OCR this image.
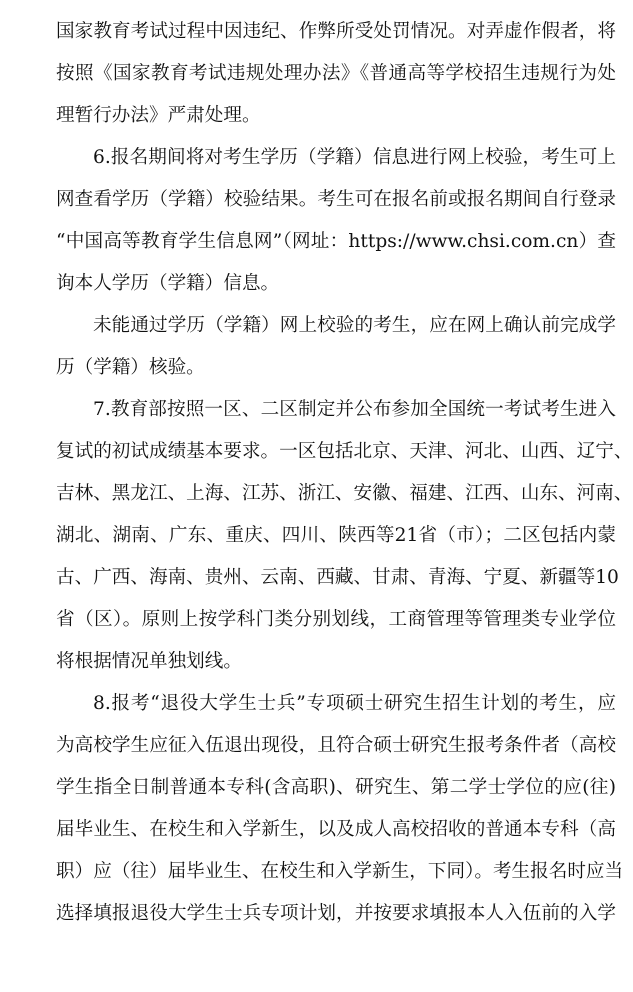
国家教育考试过程中因违纪、作弊所受处罚情况。对弄虚作假者，将
按照《国家教育考试违规处理办法》《普通高等学校招生违规行为处
理暂行办法》严肃处理。
6.报名期间将对考生学历（学籍）信息进行网上校验，考生可上
网查看学历（学籍）校验结果。考生可在报名前或报名期间自行登录
“中国高等教育学生信息网”（网址：https://www.chsi.com.cn）查
询本人学历（学籍）信息。
未能通过学历（学籍）网上校验的考生，应在网上确认前完成学
历（学籍）核验。
7.教育部按照一区、二区制定并公布参加全国统一考试考生进入
复试的初试成绩基本要求。一区包括北京、天津、河北、山西、辽宁、
吉林、黑龙江、上海、江苏、浙江、安徽、福建、江西、山东、河南、
湖北、湖南、广东、重庆、四川、陕西等21省（市）；二区包括内蒙
古、广西、海南、贵州、云南、西藏、甘肃、青海、宁夏、新疆等10
省（区）。原则上按学科门类分别划线，工商管理等管理类专业学位
将根据情况单独划线。
8.报考“退役大学生士兵”专项硕士研究生招生计划的考生，应
为高校学生应征入伍退出现役，且符合硕士研究生报考条件者（高校
学生指全日制普通本专科(含高职)、研究生、第二学士学位的应(往)
届毕业生、在校生和入学新生，以及成人高校招收的普通本专科（高
职）应（往）届毕业生、在校生和入学新生，下同）。考生报名时应当
选择填报退役大学生士兵专项计划，并按要求填报本人入伍前的入学
